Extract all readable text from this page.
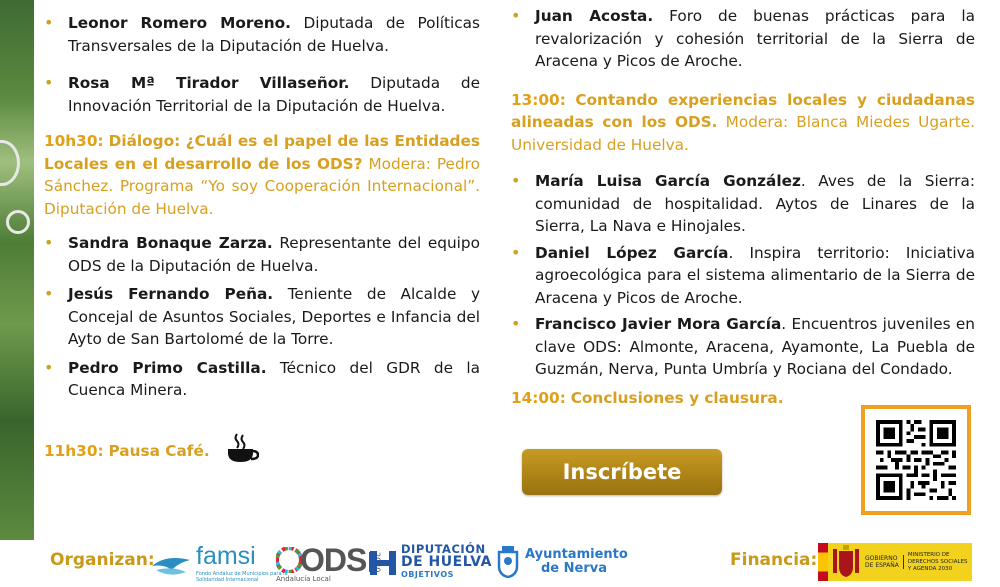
• Leonor Romero Moreno. Diputada de Políticas Transversales de la Diputación de Huelva.

• Rosa Mª Tirador Villaseñor. Diputada de Innovación Territorial de la Diputación de Huelva.

10h30: Diálogo: ¿Cuál es el papel de las Entidades Locales en el desarrollo de los ODS? Modera: Pedro Sánchez. Programa “Yo soy Cooperación Internacional”. Diputación de Huelva.

• Sandra Bonaque Zarza. Representante del equipo ODS de la Diputación de Huelva.

• Jesús Fernando Peña. Teniente de Alcalde y Concejal de Asuntos Sociales, Deportes e Infancia del Ayto de San Bartolomé de la Torre.

• Pedro Primo Castilla. Técnico del GDR de la Cuenca Minera.

11h30: Pausa Café.

• Juan Acosta. Foro de buenas prácticas para la revalorización y cohesión territorial de la Sierra de Aracena y Picos de Aroche.

13:00: Contando experiencias locales y ciudadanas alineadas con los ODS. Modera: Blanca Miedes Ugarte. Universidad de Huelva.

• María Luisa García González. Aves de la Sierra: comunidad de hospitalidad. Aytos de Linares de la Sierra, La Nava e Hinojales.

• Daniel López García. Inspira territorio: Iniciativa agroecológica para el sistema alimentario de la Sierra de Aracena y Picos de Aroche.

• Francisco Javier Mora García. Encuentros juveniles en clave ODS: Almonte, Aracena, Ayamonte, La Puebla de Guzmán, Nerva, Punta Umbría y Rociana del Condado.

14:00: Conclusiones y clausura.

Inscríbete
Organizan: famsi
Fondo Andaluz de Municipios para la Solidaridad Internacional
ODS
Andalucía Local
DIPUTACIÓN
DE HUELVA
OBJETIVOS
Ayuntamiento
de Nerva	Financia:	GOBIERNO
DE ESPAÑA
MINISTERIO DE DERECHOS SOCIALES Y AGENDA 2030
